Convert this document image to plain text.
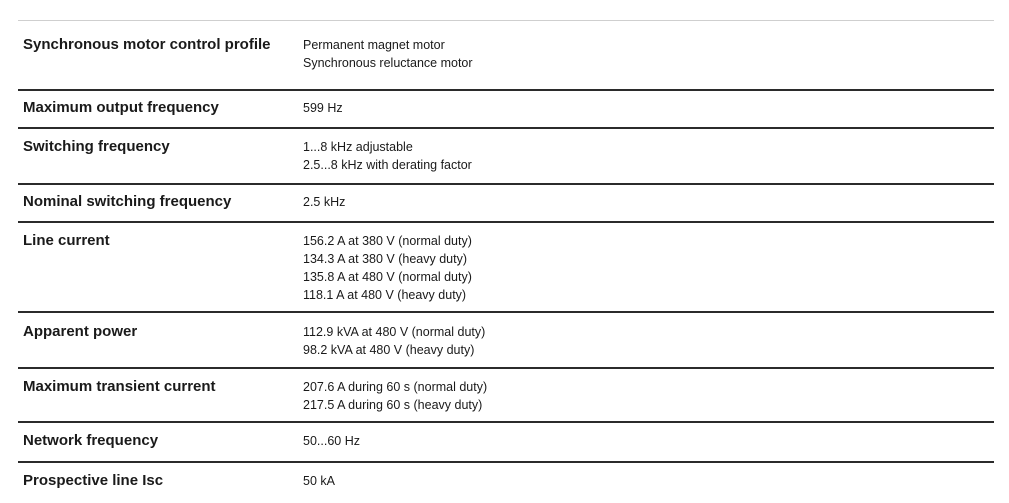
Synchronous motor control profile	Permanent magnet motor
Synchronous reluctance motor
Maximum output frequency	599 Hz
Switching frequency	1...8 kHz adjustable
2.5...8 kHz with derating factor
Nominal switching frequency	2.5 kHz
Line current	156.2 A at 380 V (normal duty)
134.3 A at 380 V (heavy duty)
135.8 A at 480 V (normal duty)
118.1 A at 480 V (heavy duty)
Apparent power	112.9 kVA at 480 V (normal duty)
98.2 kVA at 480 V (heavy duty)
Maximum transient current	207.6 A during 60 s (normal duty)
217.5 A during 60 s (heavy duty)
Network frequency	50...60 Hz
Prospective line Isc	50 kA
